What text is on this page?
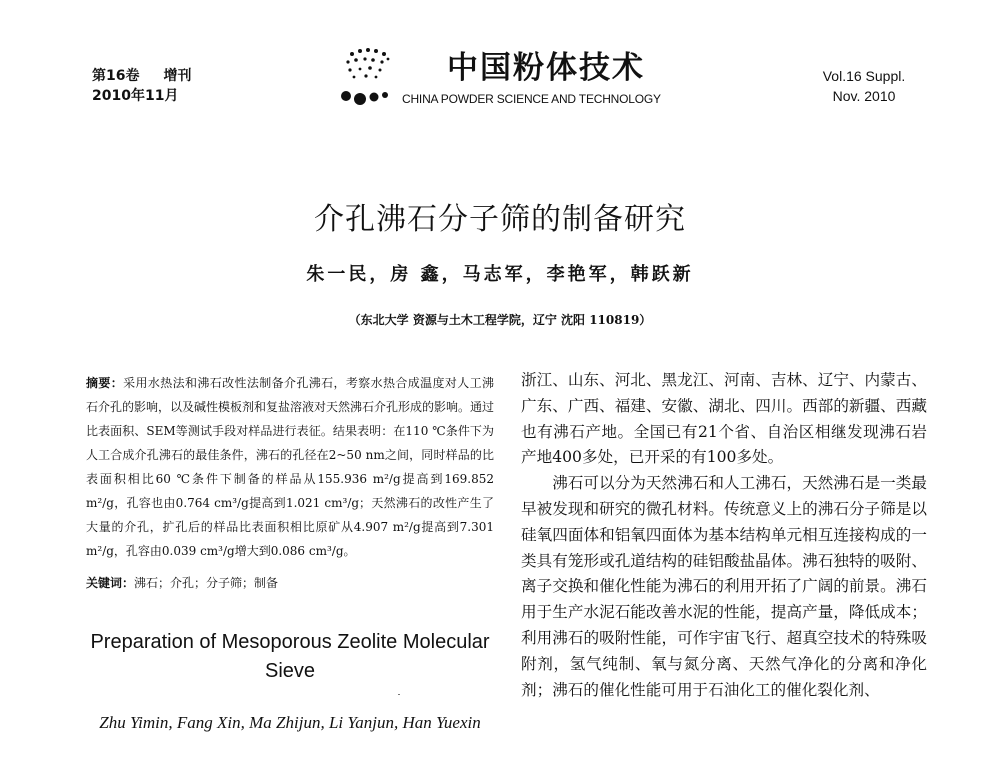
第16卷 增刊
2010年11月
中国粉体技术
CHINA POWDER SCIENCE AND TECHNOLOGY
Vol.16 Suppl.
Nov. 2010
介孔沸石分子筛的制备研究
朱一民，房 鑫，马志军，李艳军，韩跃新
（东北大学 资源与土木工程学院，辽宁 沈阳 110819）
摘要：采用水热法和沸石改性法制备介孔沸石，考察水热合成温度对人工沸石介孔的影响，以及碱性模板剂和复盐溶液对天然沸石介孔形成的影响。通过比表面积、SEM等测试手段对样品进行表征。结果表明：在110 ℃条件下为人工合成介孔沸石的最佳条件，沸石的孔径在2~50 nm之间，同时样品的比表面积相比60 ℃条件下制备的样品从155.936 m²/g提高到169.852 m²/g，孔容也由0.764 cm³/g提高到1.021 cm³/g；天然沸石的改性产生了大量的介孔，扩孔后的样品比表面积相比原矿从4.907 m²/g提高到7.301 m²/g，孔容由0.039 cm³/g增大到0.086 cm³/g。
关键词：沸石；介孔；分子筛；制备
Preparation of Mesoporous Zeolite Molecular Sieve
Zhu Yimin, Fang Xin, Ma Zhijun, Li Yanjun, Han Yuexin

浙江、山东、河北、黑龙江、河南、吉林、辽宁、内蒙古、广东、广西、福建、安徽、湖北、四川。西部的新疆、西藏也有沸石产地。全国已有21个省、自治区相继发现沸石岩产地400多处，已开采的有100多处。

沸石可以分为天然沸石和人工沸石，天然沸石是一类最早被发现和研究的微孔材料。传统意义上的沸石分子筛是以硅氧四面体和铝氧四面体为基本结构单元相互连接构成的一类具有笼形或孔道结构的硅铝酸盐晶体。沸石独特的吸附、离子交换和催化性能为沸石的利用开拓了广阔的前景。沸石用于生产水泥石能改善水泥的性能，提高产量，降低成本；利用沸石的吸附性能，可作宇宙飞行、超真空技术的特殊吸附剂，氢气纯制、氧与氮分离、天然气净化的分离和净化剂；沸石的催化性能可用于石油化工的催化裂化剂、
